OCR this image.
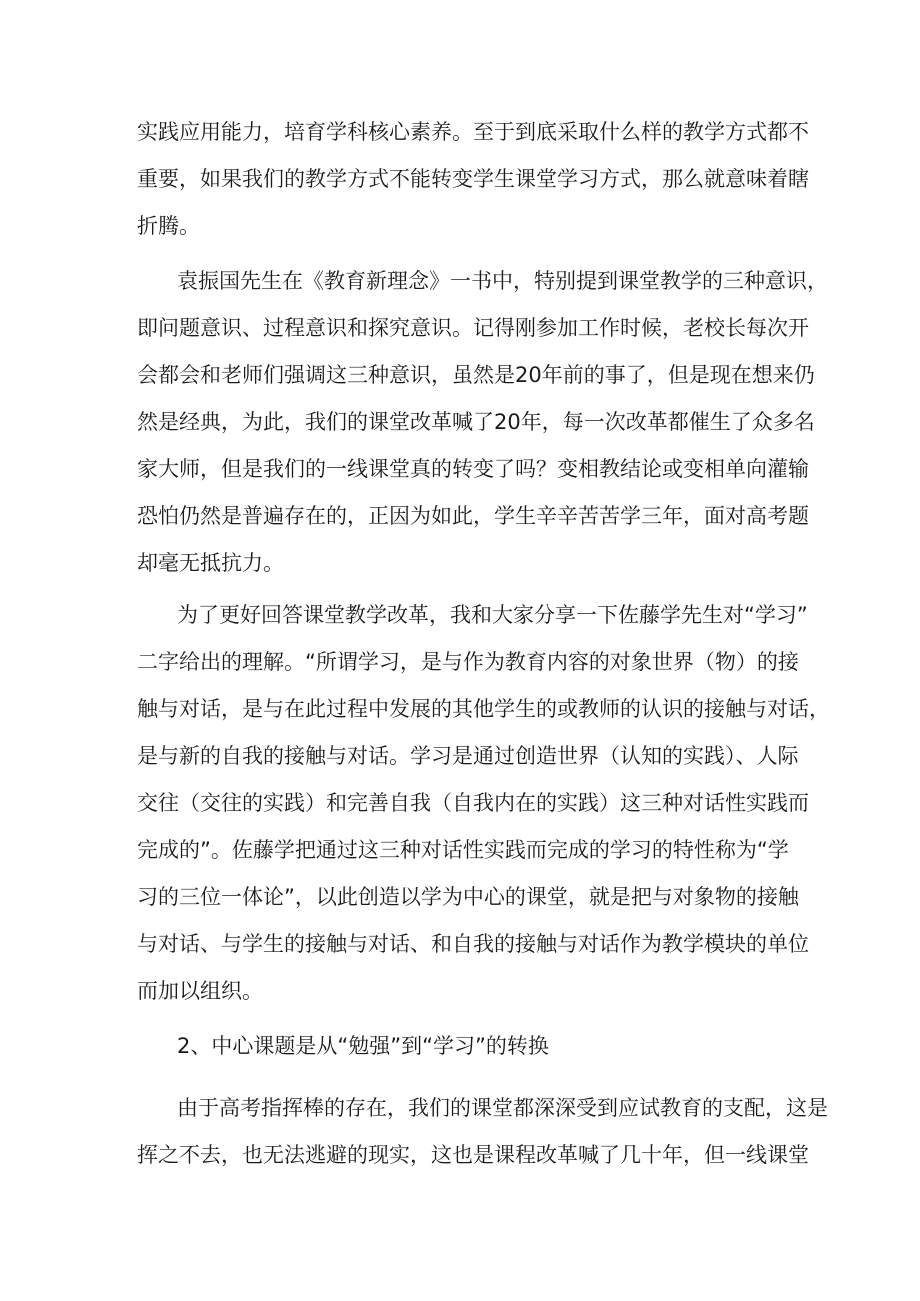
实践应用能力，培育学科核心素养。至于到底采取什么样的教学方式都不
重要，如果我们的教学方式不能转变学生课堂学习方式，那么就意味着瞎
折腾。
袁振国先生在《教育新理念》一书中，特别提到课堂教学的三种意识，
即问题意识、过程意识和探究意识。记得刚参加工作时候，老校长每次开
会都会和老师们强调这三种意识，虽然是20年前的事了，但是现在想来仍
然是经典，为此，我们的课堂改革喊了20年，每一次改革都催生了众多名
家大师，但是我们的一线课堂真的转变了吗？变相教结论或变相单向灌输
恐怕仍然是普遍存在的，正因为如此，学生辛辛苦苦学三年，面对高考题
却毫无抵抗力。
为了更好回答课堂教学改革，我和大家分享一下佐藤学先生对“学习”
二字给出的理解。“所谓学习，是与作为教育内容的对象世界（物）的接
触与对话，是与在此过程中发展的其他学生的或教师的认识的接触与对话，
是与新的自我的接触与对话。学习是通过创造世界（认知的实践）、人际
交往（交往的实践）和完善自我（自我内在的实践）这三种对话性实践而
完成的”。佐藤学把通过这三种对话性实践而完成的学习的特性称为“学
习的三位一体论”，以此创造以学为中心的课堂，就是把与对象物的接触
与对话、与学生的接触与对话、和自我的接触与对话作为教学模块的单位
而加以组织。
2、中心课题是从“勉强”到“学习”的转换
由于高考指挥棒的存在，我们的课堂都深深受到应试教育的支配，这是
挥之不去，也无法逃避的现实，这也是课程改革喊了几十年，但一线课堂
